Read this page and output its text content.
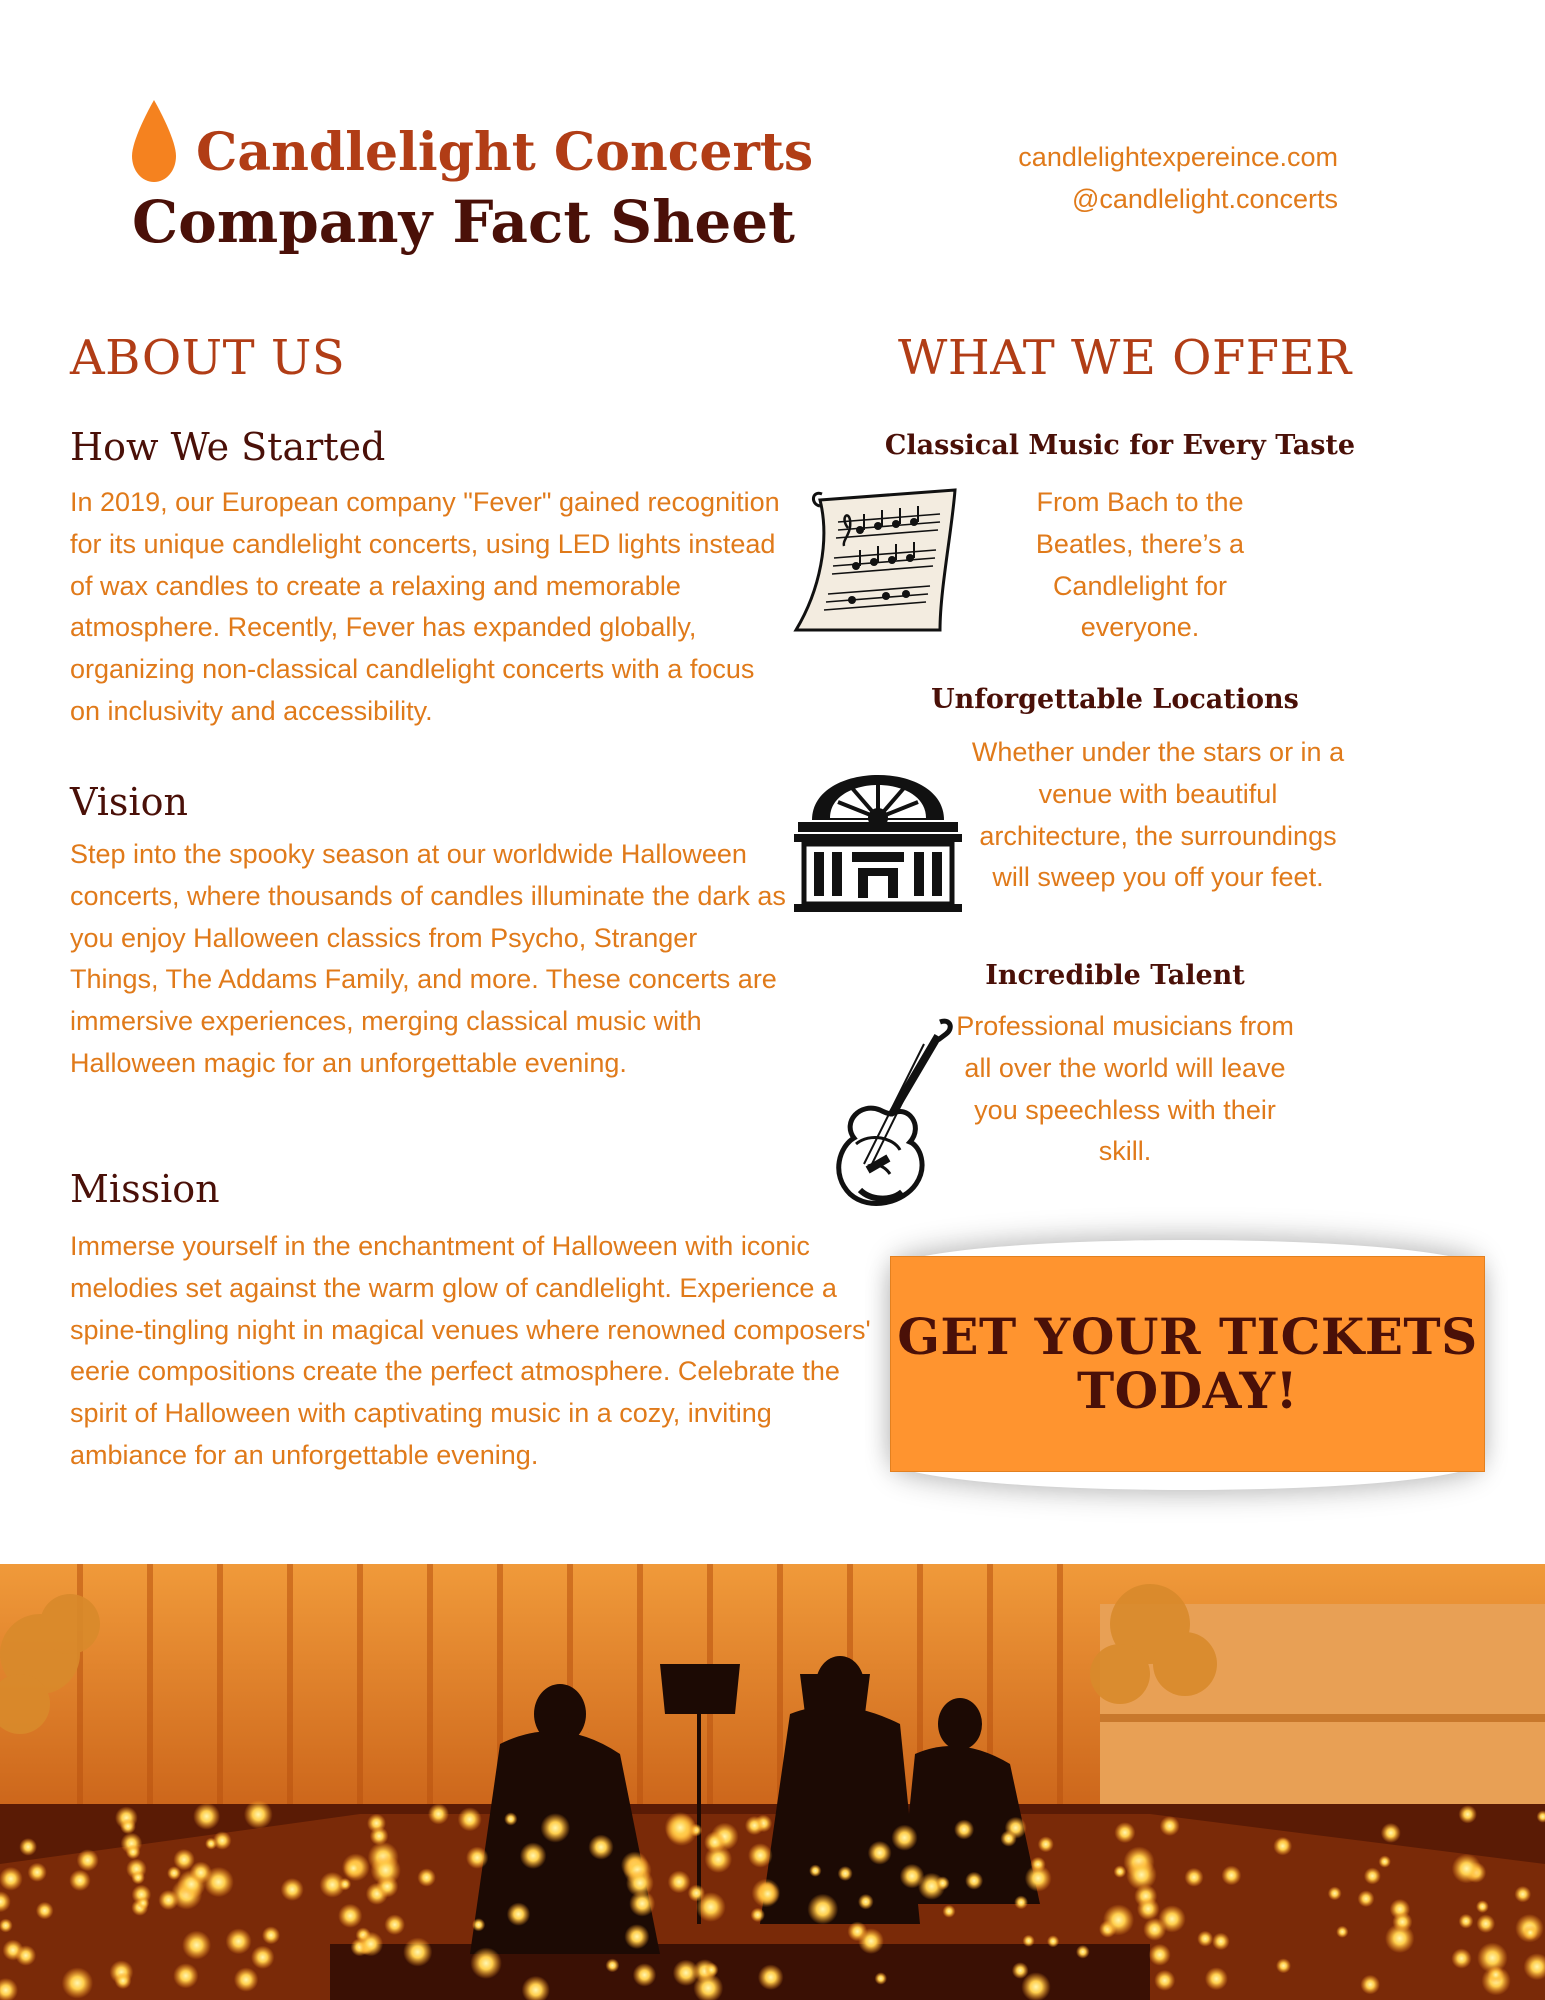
Candlelight Concerts
Company Fact Sheet
candlelightexpereince.com
@candlelight.concerts
ABOUT US
How We Started
In 2019, our European company "Fever" gained recognition for its unique candlelight concerts, using LED lights instead of wax candles to create a relaxing and memorable atmosphere. Recently, Fever has expanded globally, organizing non-classical candlelight concerts with a focus on inclusivity and accessibility.
Vision
Step into the spooky season at our worldwide Halloween concerts, where thousands of candles illuminate the dark as you enjoy Halloween classics from Psycho, Stranger Things, The Addams Family, and more. These concerts are immersive experiences, merging classical music with Halloween magic for an unforgettable evening.
Mission
Immerse yourself in the enchantment of Halloween with iconic melodies set against the warm glow of candlelight. Experience a spine-tingling night in magical venues where renowned composers' eerie compositions create the perfect atmosphere. Celebrate the spirit of Halloween with captivating music in a cozy, inviting ambiance for an unforgettable evening.
WHAT WE OFFER
Classical Music for Every Taste
From Bach to the Beatles, there’s a Candlelight for everyone.
Unforgettable Locations
Whether under the stars or in a venue with beautiful architecture, the surroundings will sweep you off your feet.
Incredible Talent
Professional musicians from all over the world will leave you speechless with their skill.
GET YOUR TICKETS TODAY!
